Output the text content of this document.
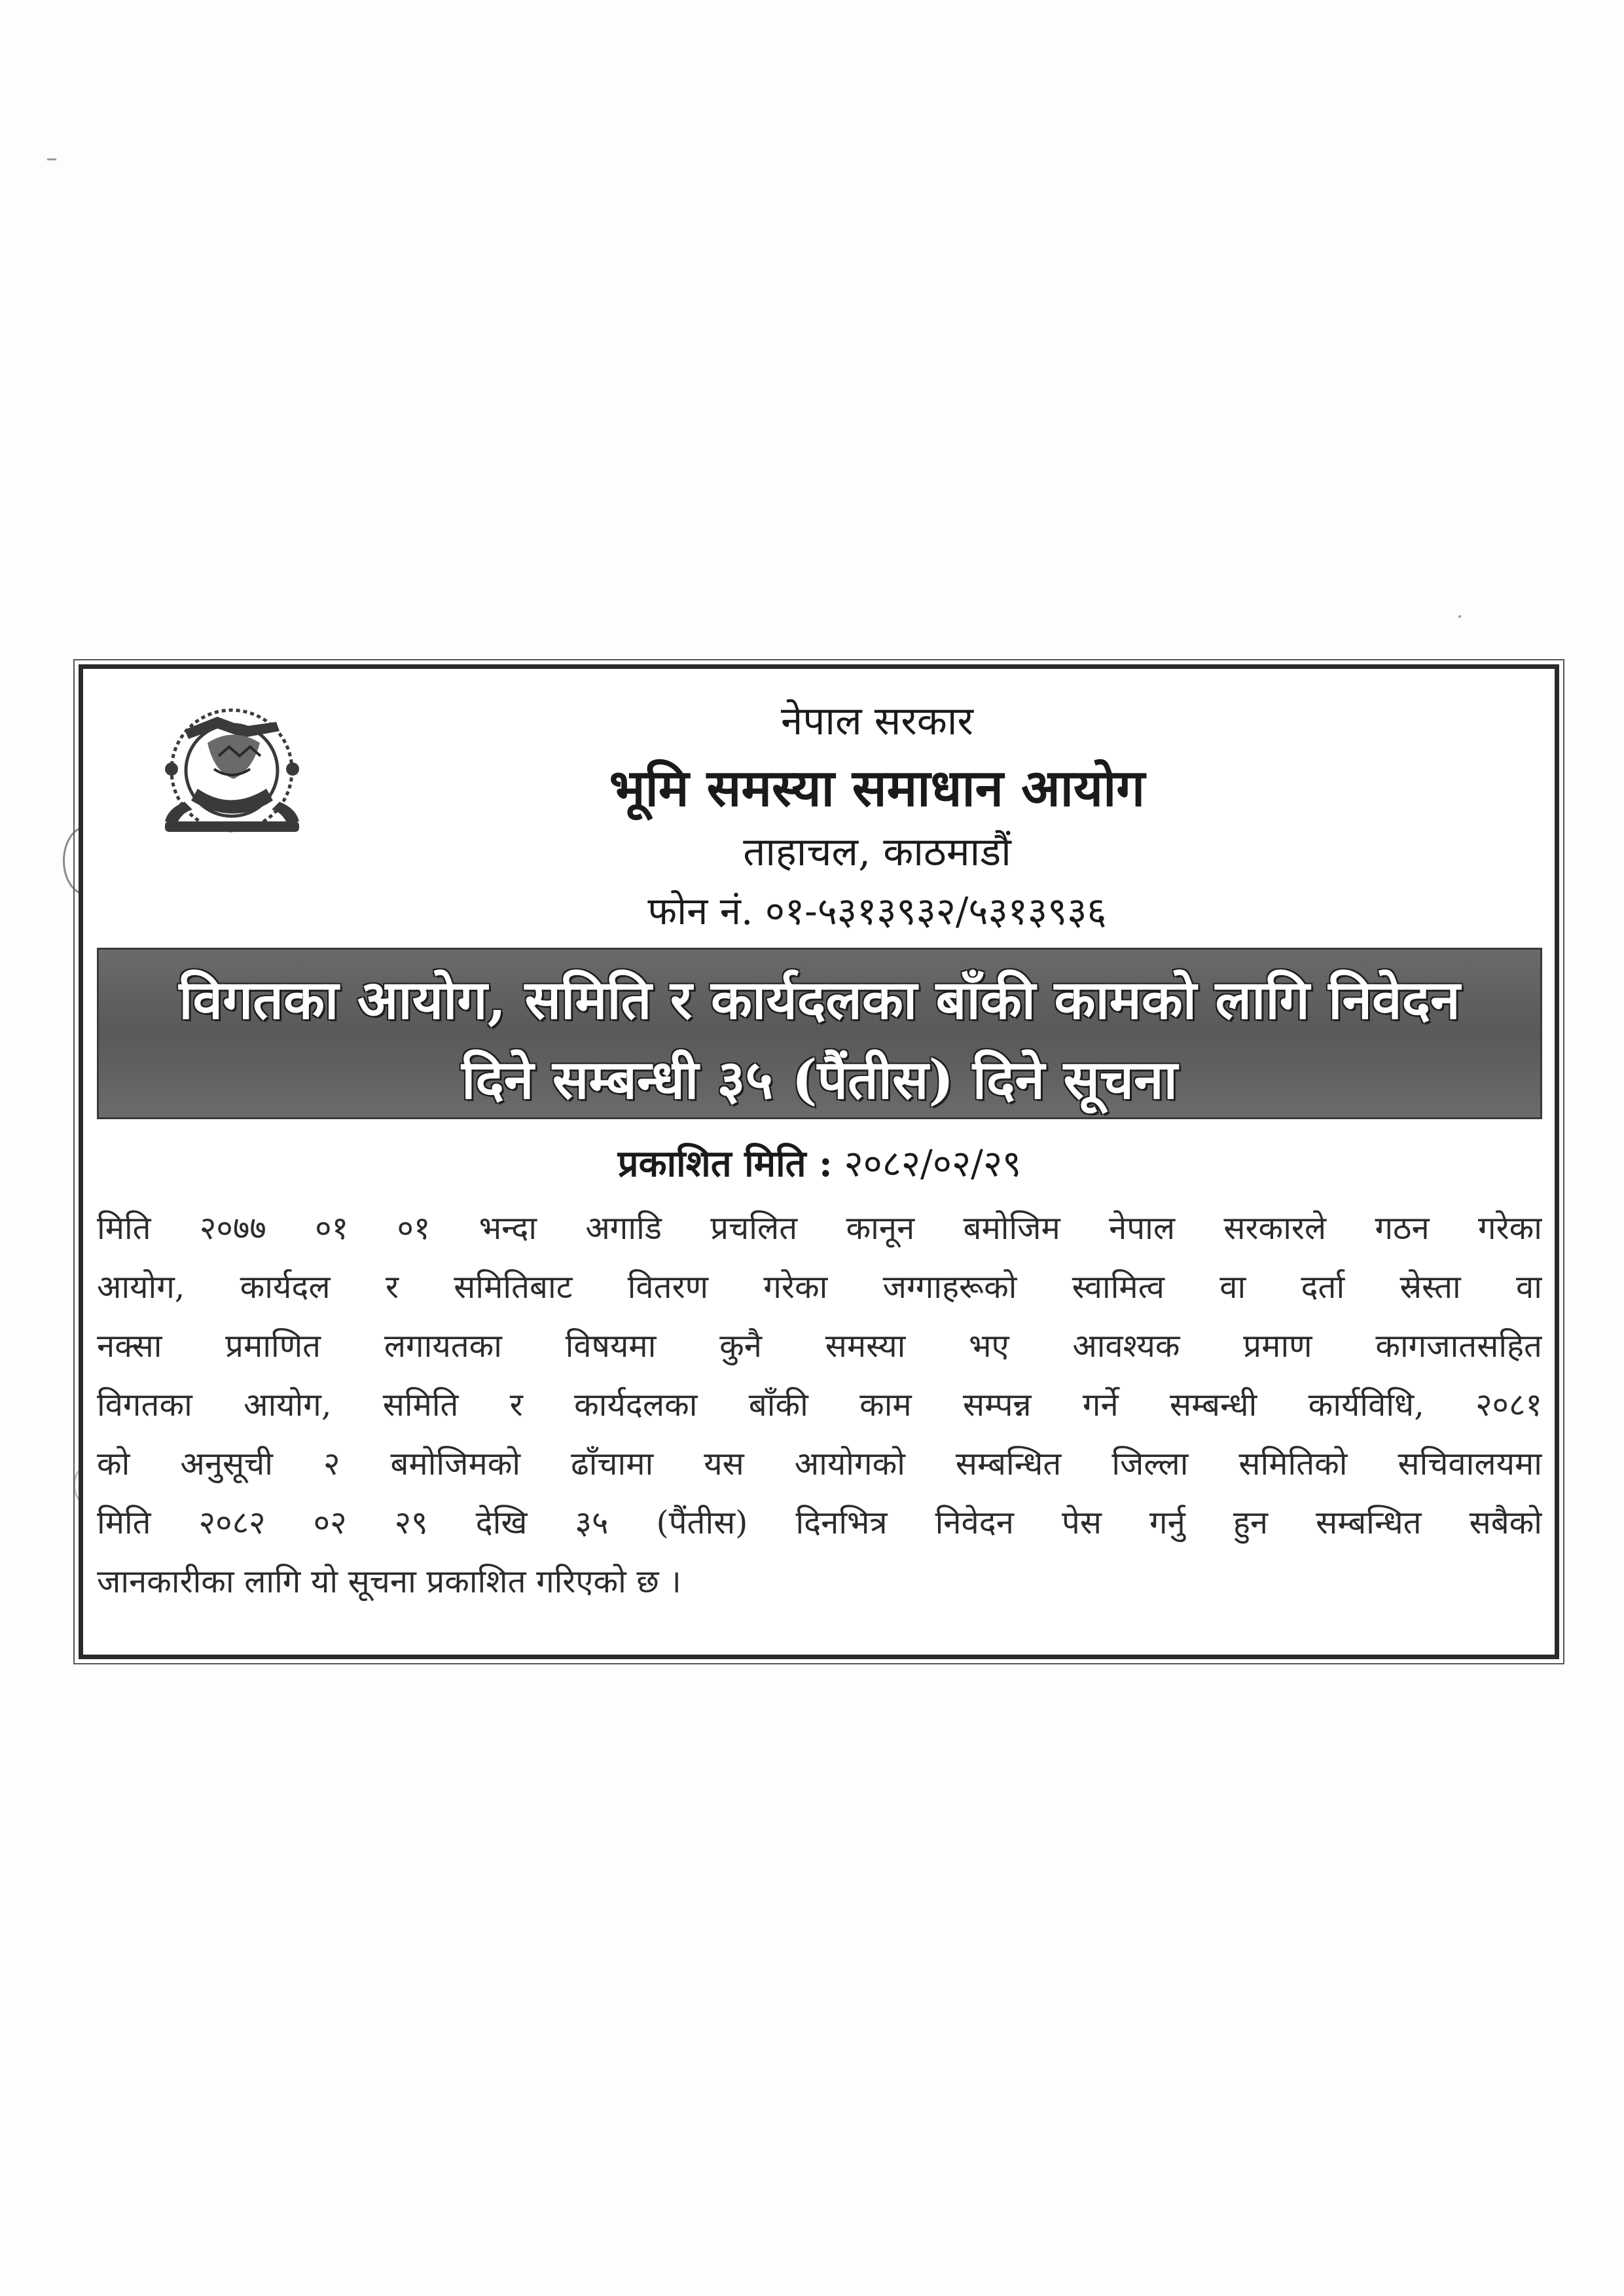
नेपाल सरकार
भूमि समस्या समाधान आयोग
ताहाचल, काठमाडौं
फोन नं. ०१-५३१३९३२/५३१३९३६
विगतका आयोग, समिति र कार्यदलका बाँकी कामको लागि निवेदन
दिने सम्बन्धी ३५ (पैंतीस) दिने सूचना
प्रकाशित मिति : २०८२/०२/२९
मिति २०७७ ०१ ०१ भन्दा अगाडि प्रचलित कानून बमोजिम नेपाल सरकारले गठन गरेका
आयोग, कार्यदल र समितिबाट वितरण गरेका जग्गाहरूको स्वामित्व वा दर्ता स्रेस्ता वा
नक्सा प्रमाणित लगायतका विषयमा कुनै समस्या भए आवश्यक प्रमाण कागजातसहित
विगतका आयोग, समिति र कार्यदलका बाँकी काम सम्पन्न गर्ने सम्बन्धी कार्यविधि, २०८१
को अनुसूची २ बमोजिमको ढाँचामा यस आयोगको सम्बन्धित जिल्ला समितिको सचिवालयमा
मिति २०८२ ०२ २९ देखि ३५ (पैंतीस) दिनभित्र निवेदन पेस गर्नु हुन सम्बन्धित सबैको
जानकारीका लागि यो सूचना प्रकाशित गरिएको छ ।
